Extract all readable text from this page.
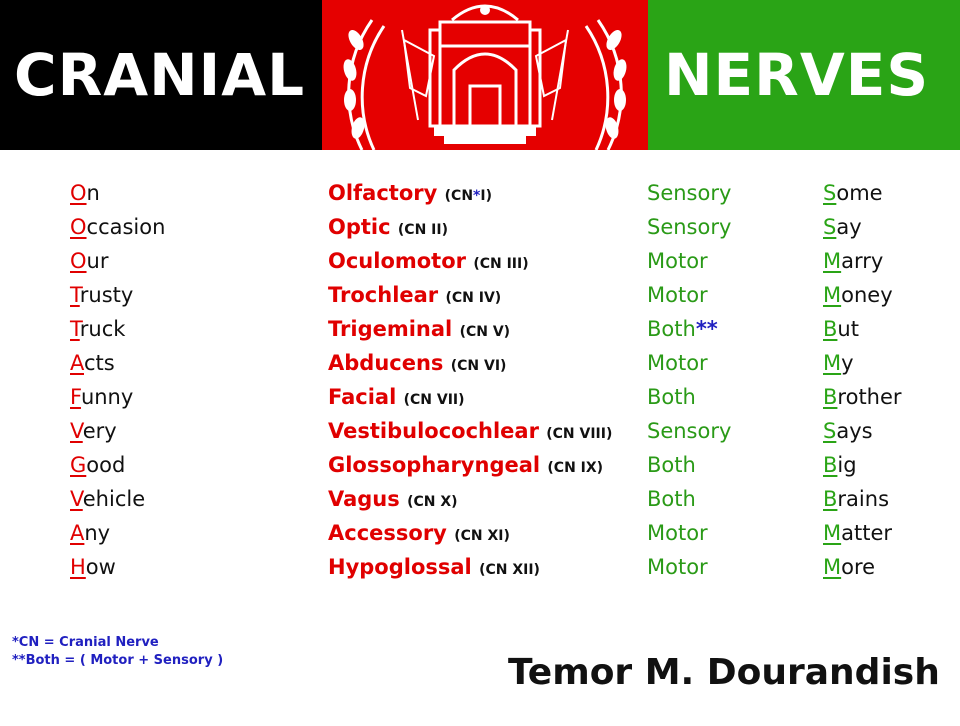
CRANIAL	NERVES
On	Olfactory (CN*I)	Sensory	Some
Occasion	Optic (CN II)	Sensory	Say
Our	Oculomotor (CN III)	Motor	Marry
Trusty	Trochlear (CN IV)	Motor	Money
Truck	Trigeminal (CN V)	Both**	But
Acts	Abducens (CN VI)	Motor	My
Funny	Facial (CN VII)	Both	Brother
Very	Vestibulocochlear (CN VIII) Sensory	Says
Good	Glossopharyngeal (CN IX) Both	Big
Vehicle	Vagus (CN X)	Both	Brains
Any	Accessory (CN XI)	Motor	Matter
How	Hypoglossal (CN XII)	Motor	More
*CN = Cranial Nerve
**Both = ( Motor + Sensory )	Temor M. Dourandish
